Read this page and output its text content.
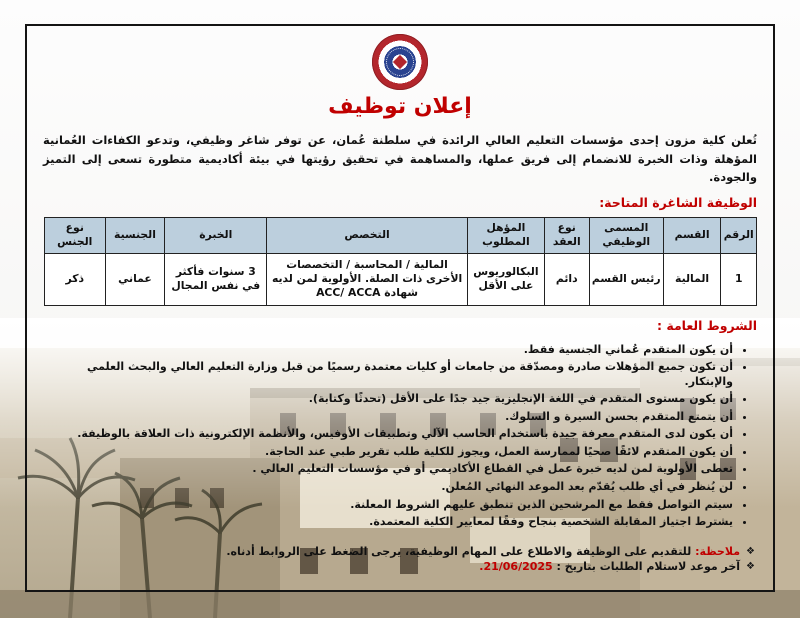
إعلان توظيف

تُعلن كلية مزون إحدى مؤسسات التعليم العالي الرائدة في سلطنة عُمان، عن توفر شاغر وظيفي، وتدعو الكفاءات العُمانية المؤهلة وذات الخبرة للانضمام إلى فريق عملها، والمساهمة في تحقيق رؤيتها في بيئة أكاديمية متطورة تسعى إلى التميز والجودة.

الوظيفة الشاغرة المتاحة:
الرقم	القسم	المسمى الوظيفي	نوع العقد	المؤهل المطلوب	التخصص	الخبرة	الجنسية	نوع الجنس
1	المالية	رئيس القسم	دائم	البكالوريوس على الأقل	المالية / المحاسبة / التخصصات الأخرى ذات الصلة. الأولوية لمن لديه شهادة ACC/ ACCA	3 سنوات فأكثر في نفس المجال	عماني	ذكر
الشروط العامة :
• أن يكون المتقدم عُماني الجنسية فقط.
• أن تكون جميع المؤهلات صادرة ومصدّقة من جامعات أو كليات معتمدة رسميًا من قبل وزارة التعليم العالي والبحث العلمي والإبتكار.
• أن يكون مستوى المتقدم في اللغة الإنجليزية جيد جدًا على الأقل (تحدثًا وكتابة).
• أن يتمتع المتقدم بحسن السيرة و السلوك.
• أن يكون لدى المتقدم معرفة جيدة باستخدام الحاسب الآلي وتطبيقات الأوفيس، والأنظمة الإلكترونية ذات العلاقة بالوظيفة.
• أن يكون المتقدم لائقًا صحيًا لممارسة العمل، ويجوز للكلية طلب تقرير طبي عند الحاجة.
• تعطى الأولوية لمن لديه خبرة عمل في القطاع الأكاديمي أو في مؤسسات التعليم العالي .
• لن يُنظر في أي طلب يُقدّم بعد الموعد النهائي المُعلن.
• سيتم التواصل فقط مع المرشحين الذين تنطبق عليهم الشروط المعلنة.
• يشترط اجتياز المقابلة الشخصية بنجاح وفقًا لمعايير الكلية المعتمدة.
❖
ملاحظة: للتقديم على الوظيفة والاطلاع على المهام الوظيفية، يرجى الضغط على الروابط أدناه.
❖
آخر موعد لاستلام الطلبات بتاريخ : 21/06/2025.
